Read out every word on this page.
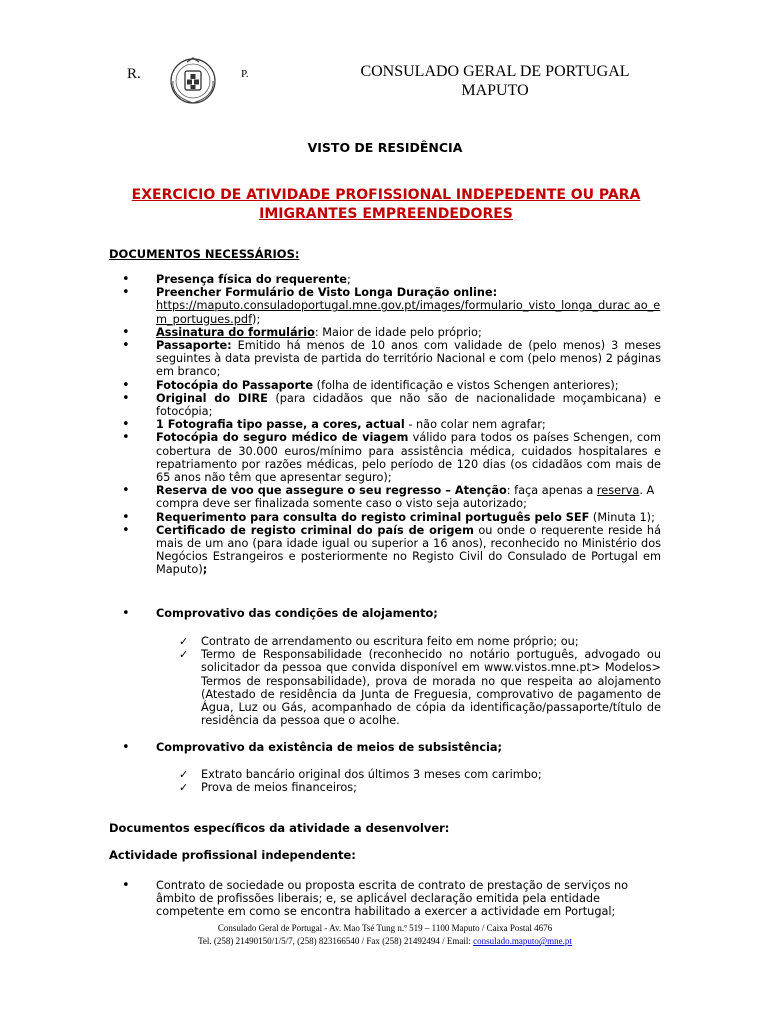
R.	P.	CONSULADO GERAL DE PORTUGAL
MAPUTO
VISTO DE RESIDÊNCIA
EXERCICIO DE ATIVIDADE PROFISSIONAL INDEPEDENTE OU PARA
IMIGRANTES EMPREENDEDORES
DOCUMENTOS NECESSÁRIOS:
• Presença física do requerente;
• Preencher Formulário de Visto Longa Duração online:
https://maputo.consuladoportugal.mne.gov.pt/images/formulario_visto_longa_durac ao_em_portugues.pdf);
• Assinatura do formulário: Maior de idade pelo próprio;
• Passaporte: Emitido há menos de 10 anos com validade de (pelo menos) 3 meses seguintes à data prevista de partida do território Nacional e com (pelo menos) 2 páginas em branco;
• Fotocópia do Passaporte (folha de identificação e vistos Schengen anteriores);
• Original do DIRE (para cidadãos que não são de nacionalidade moçambicana) e fotocópia;
• 1 Fotografia tipo passe, a cores, actual - não colar nem agrafar;
• Fotocópia do seguro médico de viagem válido para todos os países Schengen, com cobertura de 30.000 euros/mínimo para assistência médica, cuidados hospitalares e repatriamento por razões médicas, pelo período de 120 dias (os cidadãos com mais de 65 anos não têm que apresentar seguro);
• Reserva de voo que assegure o seu regresso – Atenção: faça apenas a reserva. A compra deve ser finalizada somente caso o visto seja autorizado;
• Requerimento para consulta do registo criminal português pelo SEF (Minuta 1);
• Certificado de registo criminal do país de origem ou onde o requerente reside há mais de um ano (para idade igual ou superior a 16 anos), reconhecido no Ministério dos Negócios Estrangeiros e posteriormente no Registo Civil do Consulado de Portugal em Maputo);
• Comprovativo das condições de alojamento;
✓ Contrato de arrendamento ou escritura feito em nome próprio; ou;
✓ Termo de Responsabilidade (reconhecido no notário português, advogado ou solicitador da pessoa que convida disponível em www.vistos.mne.pt> Modelos> Termos de responsabilidade), prova de morada no que respeita ao alojamento (Atestado de residência da Junta de Freguesia, comprovativo de pagamento de Água, Luz ou Gás, acompanhado de cópia da identificação/passaporte/título de residência da pessoa que o acolhe.
• Comprovativo da existência de meios de subsistência;
✓ Extrato bancário original dos últimos 3 meses com carimbo;
✓ Prova de meios financeiros;
Documentos específicos da atividade a desenvolver:
Actividade profissional independente:
• Contrato de sociedade ou proposta escrita de contrato de prestação de serviços no âmbito de profissões liberais; e, se aplicável declaração emitida pela entidade competente em como se encontra habilitado a exercer a actividade em Portugal;
Consulado Geral de Portugal - Av. Mao Tsé Tung n.º 519 – 1100 Maputo / Caixa Postal 4676
Tel. (258) 21490150/1/5/7, (258) 823166540 / Fax (258) 21492494 / Email: consulado.maputo@mne.pt
